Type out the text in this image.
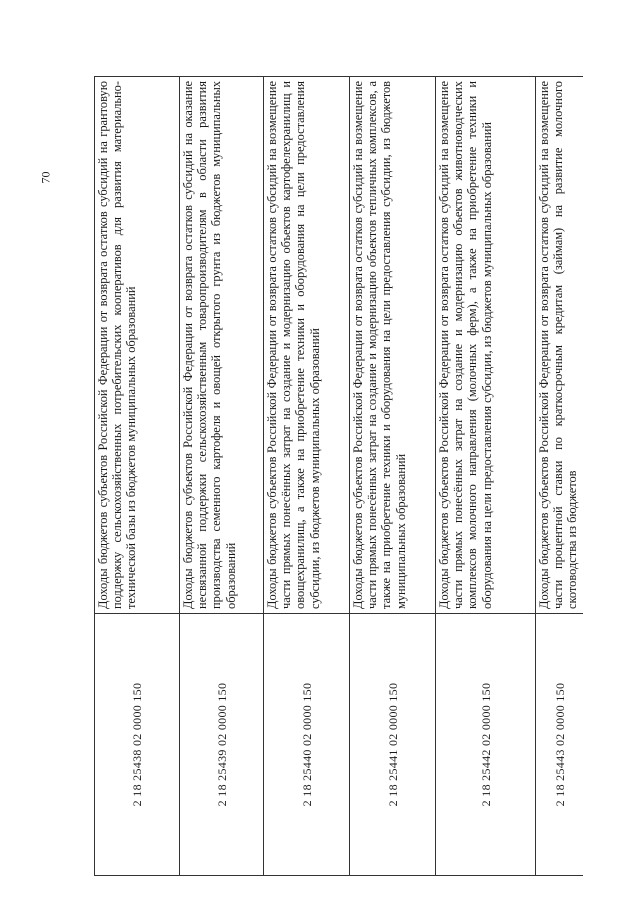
70
2 18 25438 02 0000 150	Доходы бюджетов субъектов Российской Федерации от возврата остатков субсидий на грантовую поддержку сельскохозяйственных потребительских кооперативов для развития материально-технической базы из бюджетов муниципальных образований
2 18 25439 02 0000 150	Доходы бюджетов субъектов Российской Федерации от возврата остатков субсидий на оказание несвязанной поддержки сельскохозяйственным товаропроизводителям в области развития производства семенного картофеля и овощей открытого грунта из бюджетов муниципальных образований
2 18 25440 02 0000 150	Доходы бюджетов субъектов Российской Федерации от возврата остатков субсидий на возмещение части прямых понесённых затрат на создание и модернизацию объектов картофелехранилищ и овощехранилищ, а также на приобретение техники и оборудования на цели предоставления субсидии, из бюджетов муниципальных образований
2 18 25441 02 0000 150	Доходы бюджетов субъектов Российской Федерации от возврата остатков субсидий на возмещение части прямых понесённых затрат на создание и модернизацию объектов тепличных комплексов, а также на приобретение техники и оборудования на цели предоставления субсидии, из бюджетов муниципальных образований
2 18 25442 02 0000 150	Доходы бюджетов субъектов Российской Федерации от возврата остатков субсидий на возмещение части прямых понесённых затрат на создание и модернизацию объектов животноводческих комплексов молочного направления (молочных ферм), а также на приобретение техники и оборудования на цели предоставления субсидии, из бюджетов муниципальных образований
2 18 25443 02 0000 150	Доходы бюджетов субъектов Российской Федерации от возврата остатков субсидий на возмещение части процентной ставки по краткосрочным кредитам (займам) на развитие молочного скотоводства из бюджетов
